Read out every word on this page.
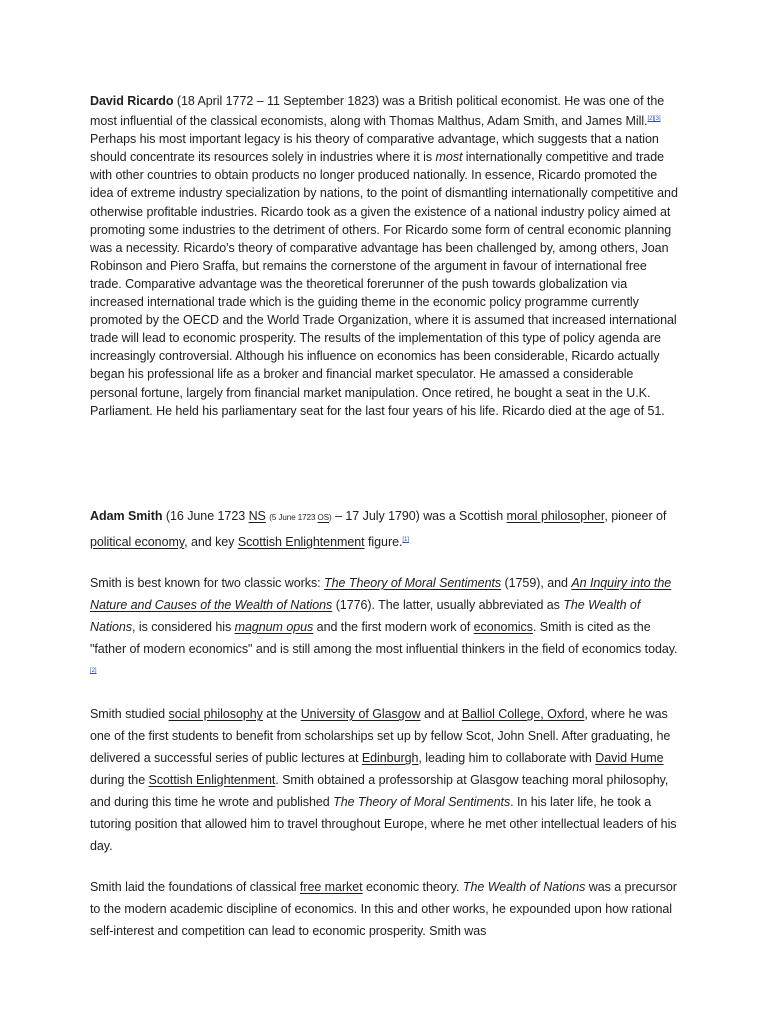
David Ricardo (18 April 1772 – 11 September 1823) was a British political economist. He was one of the most influential of the classical economists, along with Thomas Malthus, Adam Smith, and James Mill.[2][3] Perhaps his most important legacy is his theory of comparative advantage, which suggests that a nation should concentrate its resources solely in industries where it is most internationally competitive and trade with other countries to obtain products no longer produced nationally. In essence, Ricardo promoted the idea of extreme industry specialization by nations, to the point of dismantling internationally competitive and otherwise profitable industries. Ricardo took as a given the existence of a national industry policy aimed at promoting some industries to the detriment of others. For Ricardo some form of central economic planning was a necessity. Ricardo's theory of comparative advantage has been challenged by, among others, Joan Robinson and Piero Sraffa, but remains the cornerstone of the argument in favour of international free trade. Comparative advantage was the theoretical forerunner of the push towards globalization via increased international trade which is the guiding theme in the economic policy programme currently promoted by the OECD and the World Trade Organization, where it is assumed that increased international trade will lead to economic prosperity. The results of the implementation of this type of policy agenda are increasingly controversial. Although his influence on economics has been considerable, Ricardo actually began his professional life as a broker and financial market speculator. He amassed a considerable personal fortune, largely from financial market manipulation. Once retired, he bought a seat in the U.K. Parliament. He held his parliamentary seat for the last four years of his life. Ricardo died at the age of 51.

Adam Smith (16 June 1723 NS (5 June 1723 OS) – 17 July 1790) was a Scottish moral philosopher, pioneer of political economy, and key Scottish Enlightenment figure.[1]

Smith is best known for two classic works: The Theory of Moral Sentiments (1759), and An Inquiry into the Nature and Causes of the Wealth of Nations (1776). The latter, usually abbreviated as The Wealth of Nations, is considered his magnum opus and the first modern work of economics. Smith is cited as the "father of modern economics" and is still among the most influential thinkers in the field of economics today.[2]

Smith studied social philosophy at the University of Glasgow and at Balliol College, Oxford, where he was one of the first students to benefit from scholarships set up by fellow Scot, John Snell. After graduating, he delivered a successful series of public lectures at Edinburgh, leading him to collaborate with David Hume during the Scottish Enlightenment. Smith obtained a professorship at Glasgow teaching moral philosophy, and during this time he wrote and published The Theory of Moral Sentiments. In his later life, he took a tutoring position that allowed him to travel throughout Europe, where he met other intellectual leaders of his day.

Smith laid the foundations of classical free market economic theory. The Wealth of Nations was a precursor to the modern academic discipline of economics. In this and other works, he expounded upon how rational self-interest and competition can lead to economic prosperity. Smith was
